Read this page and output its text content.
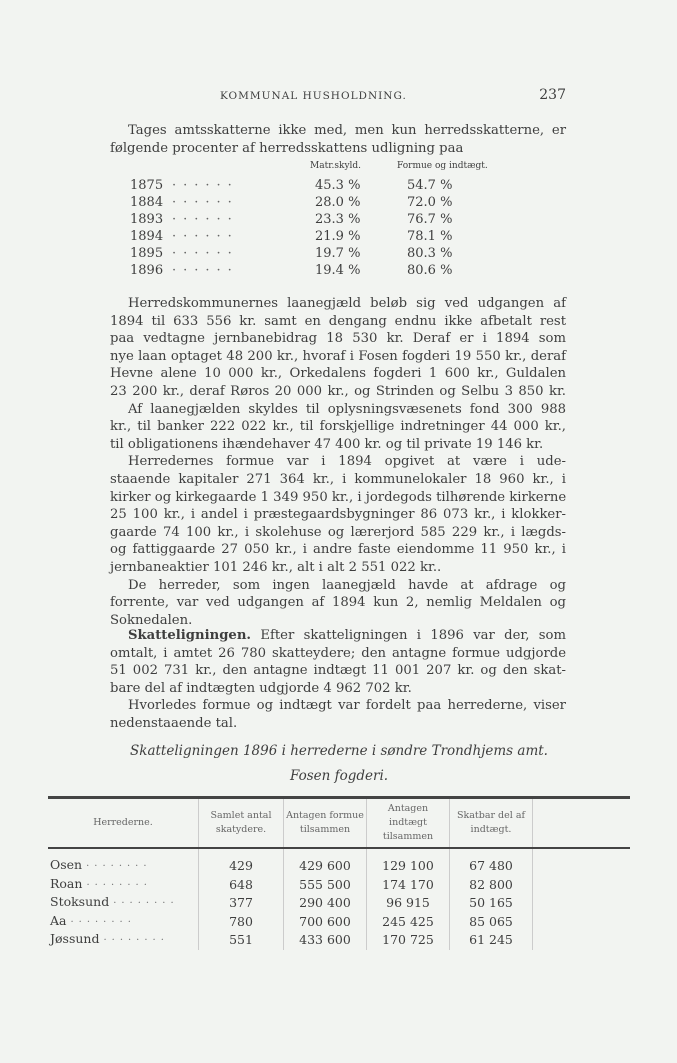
KOMMUNAL HUSHOLDNING.	237
Tages amtsskatterne ikke med, men kun herredsskatterne, er
følgende procenter af herredsskattens udligning paa
Matr.skyld.	Formue og indtægt.
1875 ······	45.3 %	54.7 %
1884 ······	28.0 %	72.0 %
1893 ······	23.3 %	76.7 %
1894 ······	21.9 %	78.1 %
1895 ······	19.7 %	80.3 %
1896 ······	19.4 %	80.6 %
Herredskommunernes laanegjæld beløb sig ved udgangen af
1894 til 633 556 kr. samt en dengang endnu ikke afbetalt rest
paa vedtagne jernbanebidrag 18 530 kr. Deraf er i 1894 som
nye laan optaget 48 200 kr., hvoraf i Fosen fogderi 19 550 kr., deraf
Hevne alene 10 000 kr., Orkedalens fogderi 1 600 kr., Guldalen
23 200 kr., deraf Røros 20 000 kr., og Strinden og Selbu 3 850 kr.
Af laanegjælden skyldes til oplysningsvæsenets fond 300 988
kr., til banker 222 022 kr., til forskjellige indretninger 44 000 kr.,
til obligationens ihændehaver 47 400 kr. og til private 19 146 kr.
Herredernes formue var i 1894 opgivet at være i ude-
staaende kapitaler 271 364 kr., i kommunelokaler 18 960 kr., i
kirker og kirkegaarde 1 349 950 kr., i jordegods tilhørende kirkerne
25 100 kr., i andel i præstegaardsbygninger 86 073 kr., i klokker-
gaarde 74 100 kr., i skolehuse og lærerjord 585 229 kr., i lægds-
og fattiggaarde 27 050 kr., i andre faste eiendomme 11 950 kr., i
jernbaneaktier 101 246 kr., alt i alt 2 551 022 kr..
De herreder, som ingen laanegjæld havde at afdrage og
forrente, var ved udgangen af 1894 kun 2, nemlig Meldalen og
Soknedalen.
Skatteligningen. Efter skatteligningen i 1896 var der, som
omtalt, i amtet 26 780 skatteydere; den antagne formue udgjorde
51 002 731 kr., den antagne indtægt 11 001 207 kr. og den skat-
bare del af indtægten udgjorde 4 962 702 kr.
Hvorledes formue og indtægt var fordelt paa herrederne, viser
nedenstaaende tal.
Skatteligningen 1896 i herrederne i søndre Trondhjems amt.
Fosen fogderi.
Herrederne.	Samlet antal skatydere.	Antagen formue tilsammen	Antagen indtægt tilsammen	Skatbar del af indtægt.	
Osen ········	429	429 600	129 100	67 480	
Roan ········	648	555 500	174 170	82 800	
Stoksund ········	377	290 400	96 915	50 165	
Aa ········	780	700 600	245 425	85 065	
Jøssund ········	551	433 600	170 725	61 245	
